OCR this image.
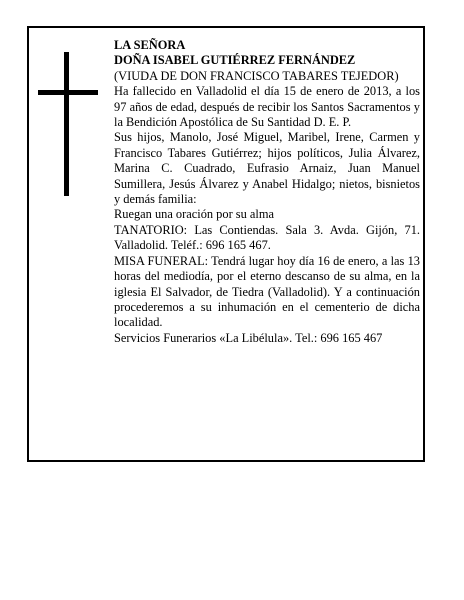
LA SEÑORA

DOÑA ISABEL GUTIÉRREZ FERNÁNDEZ

(VIUDA DE DON FRANCISCO TABARES TEJEDOR)

Ha fallecido en Valladolid el día 15 de enero de 2013, a los 97 años de edad, después de recibir los Santos Sacramentos y la Bendición Apostólica de Su Santidad D. E. P.

Sus hijos, Manolo, José Miguel, Maribel, Irene, Carmen y Francisco Tabares Gutiérrez; hijos políticos, Julia Álvarez, Marina C. Cuadrado, Eufrasio Arnaiz, Juan Manuel Sumillera, Jesús Álvarez y Anabel Hidalgo; nietos, bisnietos y demás familia:

Ruegan una oración por su alma

TANATORIO: Las Contiendas. Sala 3. Avda. Gijón, 71. Valladolid. Teléf.: 696 165 467.

MISA FUNERAL: Tendrá lugar hoy día 16 de enero, a las 13 horas del mediodía, por el eterno descanso de su alma, en la iglesia El Salvador, de Tiedra (Valladolid). Y a continuación procederemos a su inhumación en el cementerio de dicha localidad.

Servicios Funerarios «La Libélula». Tel.: 696 165 467
